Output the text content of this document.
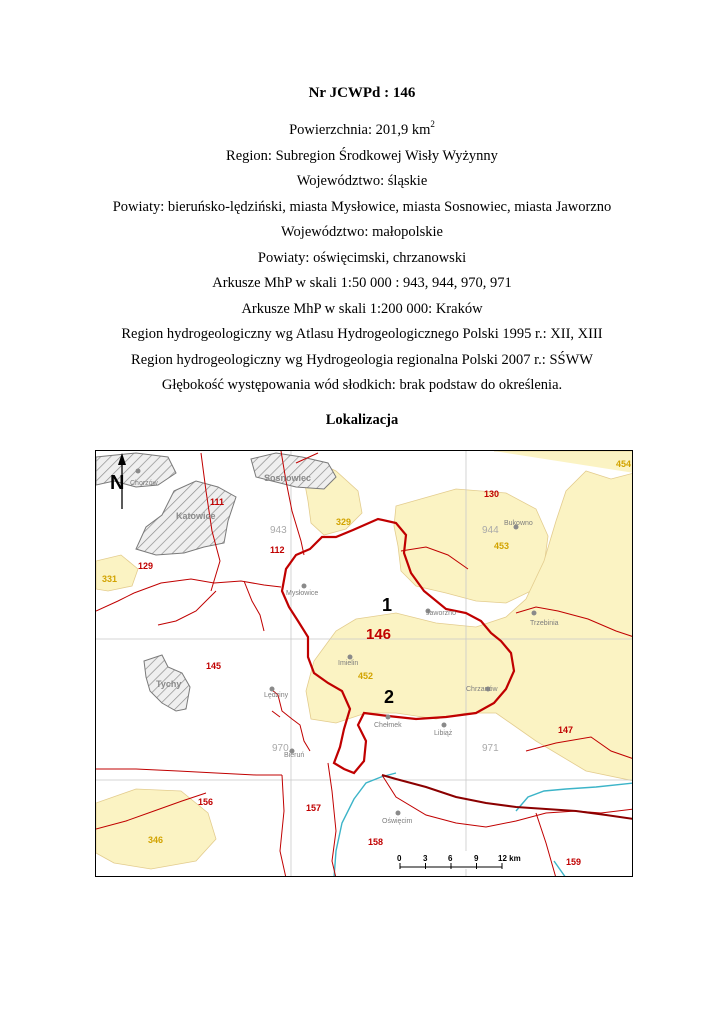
Nr JCWPd : 146
Powierzchnia: 201,9 $km^2$
Region: Subregion Środkowej Wisły Wyżynny
Województwo: śląskie
Powiaty: bieruńsko-lędziński, miasta Mysłowice, miasta Sosnowiec, miasta Jaworzno
Województwo: małopolskie
Powiaty: oświęcimski, chrzanowski
Arkusze MhP w skali 1:50 000 : 943, 944, 970, 971
Arkusze MhP w skali 1:200 000: Kraków
Region hydrogeologiczny wg Atlasu Hydrogeologicznego Polski 1995 r.: XII, XIII
Region hydrogeologiczny wg Hydrogeologia regionalna Polski 2007 r.: SŚWW
Głębokość występowania wód słodkich: brak podstaw do określenia.
Lokalizacja
N
0	3	6	9 12 km
146
1
2
111
112
129
130
145
147
156
157
158
159
329
331
346
452
453
454
943	944
970	971
Katowice
Sosnowiec
Tychy
Chorzów
Mysłowice
Jaworzno
Bukowno
Trzebinia
Imielin
Chrzanów
Lędziny
Chełmek
Libiąż
Bieruń
Oświęcim
